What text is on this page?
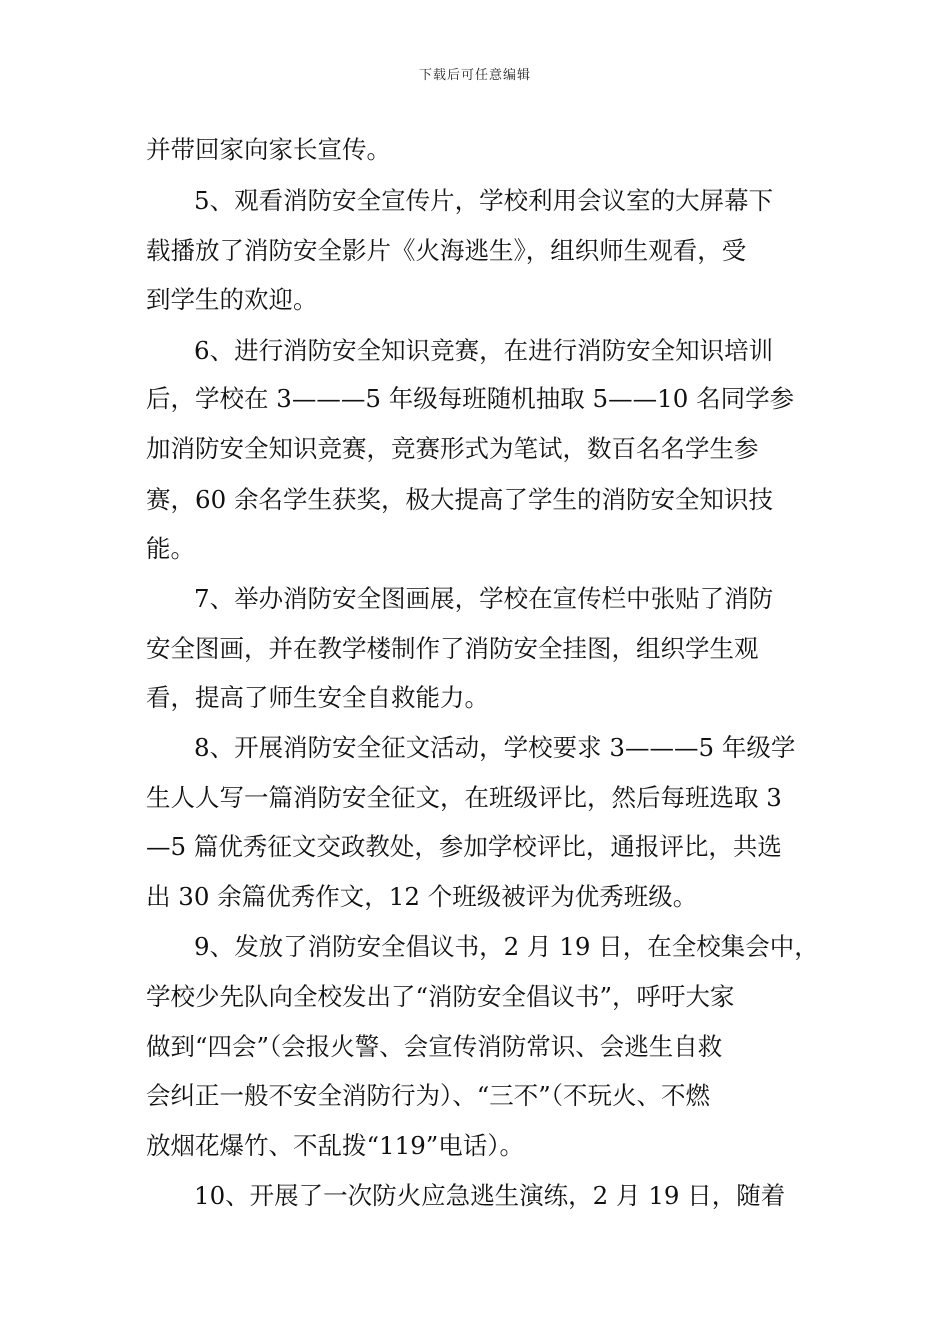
下载后可任意编辑
并带回家向家长宣传。
5、观看消防安全宣传片，学校利用会议室的大屏幕下
载播放了消防安全影片《火海逃生》，组织师生观看，受
到学生的欢迎。
6、进行消防安全知识竞赛，在进行消防安全知识培训
后，学校在 3———5 年级每班随机抽取 5——10 名同学参
加消防安全知识竞赛，竞赛形式为笔试，数百名名学生参
赛，60 余名学生获奖，极大提高了学生的消防安全知识技
能。
7、举办消防安全图画展，学校在宣传栏中张贴了消防
安全图画，并在教学楼制作了消防安全挂图，组织学生观
看，提高了师生安全自救能力。
8、开展消防安全征文活动，学校要求 3———5 年级学
生人人写一篇消防安全征文，在班级评比，然后每班选取 3
—5 篇优秀征文交政教处，参加学校评比，通报评比，共选
出 30 余篇优秀作文，12 个班级被评为优秀班级。
9、发放了消防安全倡议书，2 月 19 日，在全校集会中，
学校少先队向全校发出了“消防安全倡议书”，呼吁大家
做到“四会”（会报火警、会宣传消防常识、会逃生自救
会纠正一般不安全消防行为）、“三不”（不玩火、不燃
放烟花爆竹、不乱拨“119”电话）。
10、开展了一次防火应急逃生演练，2 月 19 日，随着
